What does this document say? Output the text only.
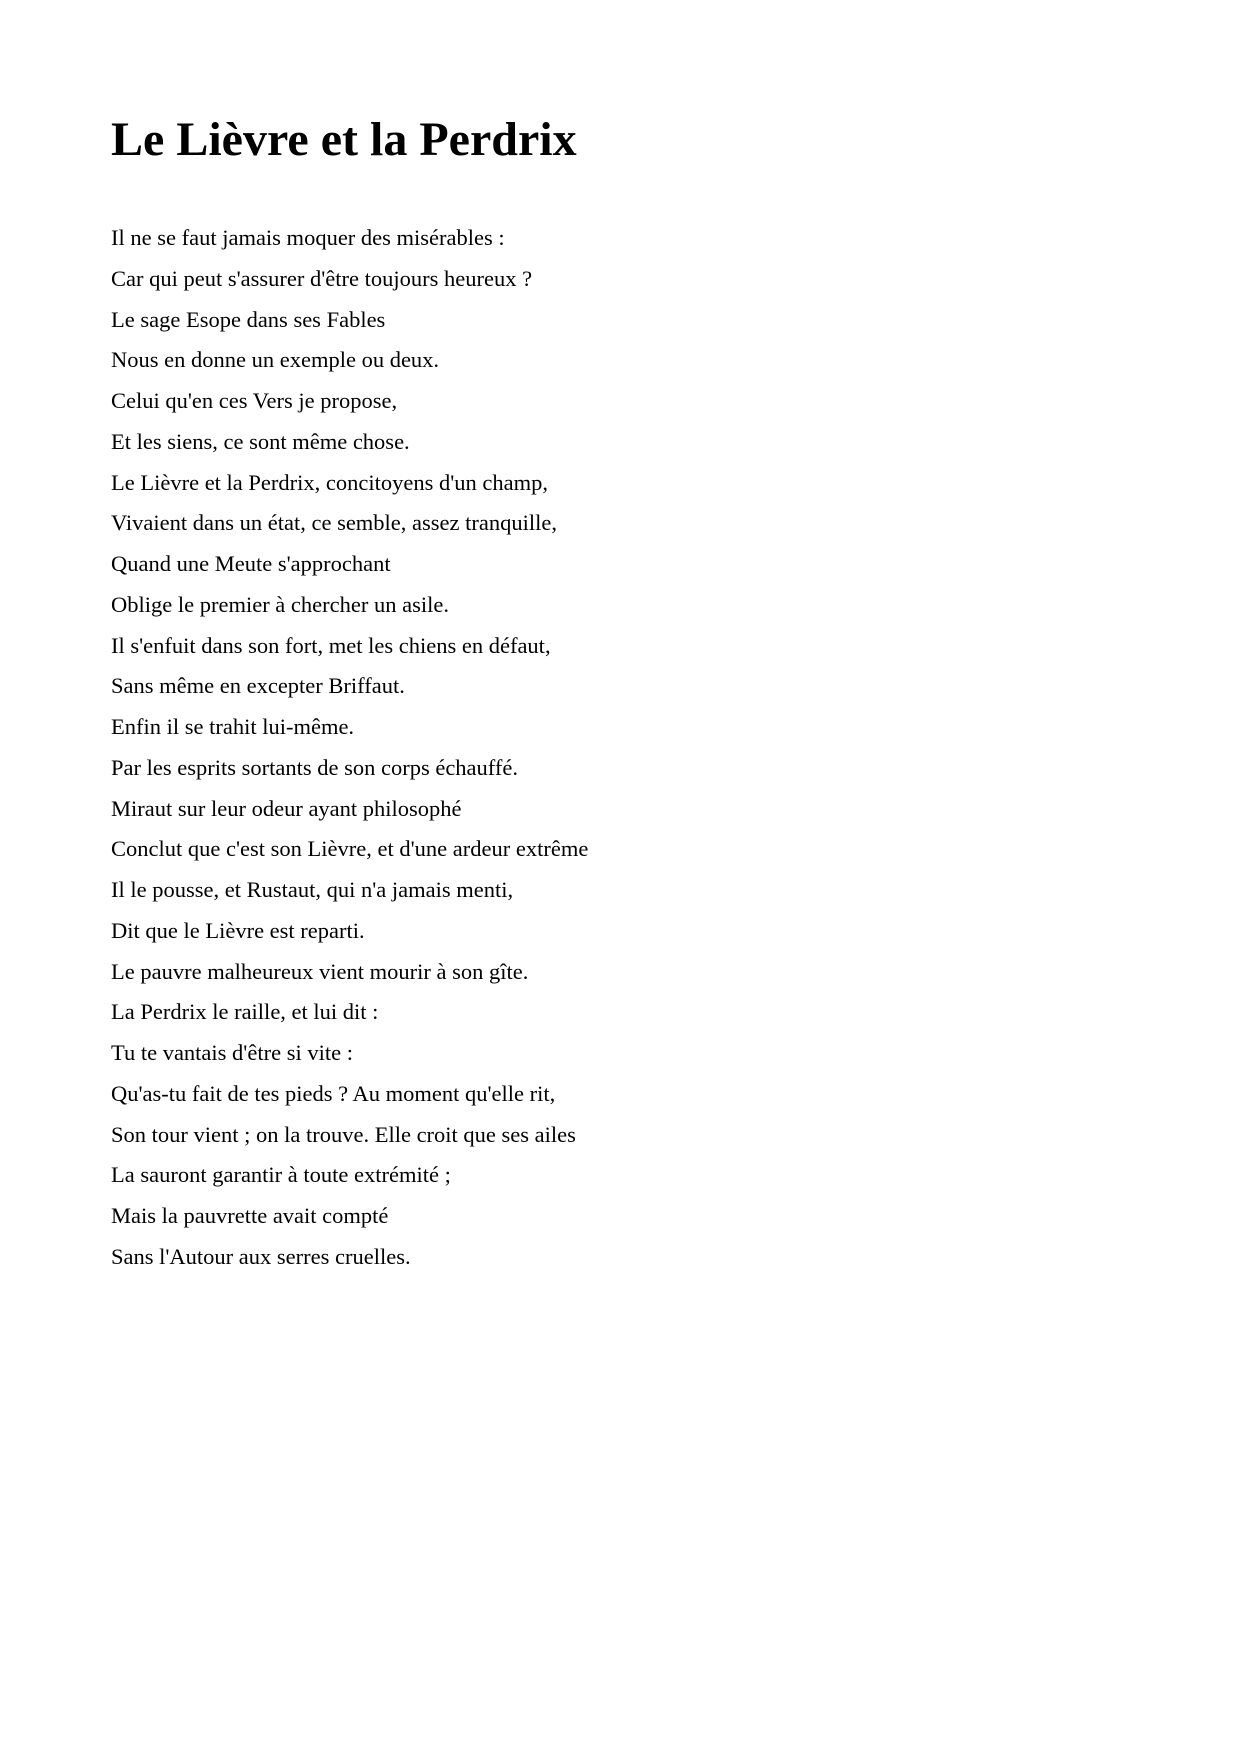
Le Lièvre et la Perdrix
Il ne se faut jamais moquer des misérables :
Car qui peut s'assurer d'être toujours heureux ?
Le sage Esope dans ses Fables
Nous en donne un exemple ou deux.
Celui qu'en ces Vers je propose,
Et les siens, ce sont même chose.
Le Lièvre et la Perdrix, concitoyens d'un champ,
Vivaient dans un état, ce semble, assez tranquille,
Quand une Meute s'approchant
Oblige le premier à chercher un asile.
Il s'enfuit dans son fort, met les chiens en défaut,
Sans même en excepter Briffaut.
Enfin il se trahit lui-même.
Par les esprits sortants de son corps échauffé.
Miraut sur leur odeur ayant philosophé
Conclut que c'est son Lièvre, et d'une ardeur extrême
Il le pousse, et Rustaut, qui n'a jamais menti,
Dit que le Lièvre est reparti.
Le pauvre malheureux vient mourir à son gîte.
La Perdrix le raille, et lui dit :
Tu te vantais d'être si vite :
Qu'as-tu fait de tes pieds ? Au moment qu'elle rit,
Son tour vient ; on la trouve. Elle croit que ses ailes
La sauront garantir à toute extrémité ;
Mais la pauvrette avait compté
Sans l'Autour aux serres cruelles.
